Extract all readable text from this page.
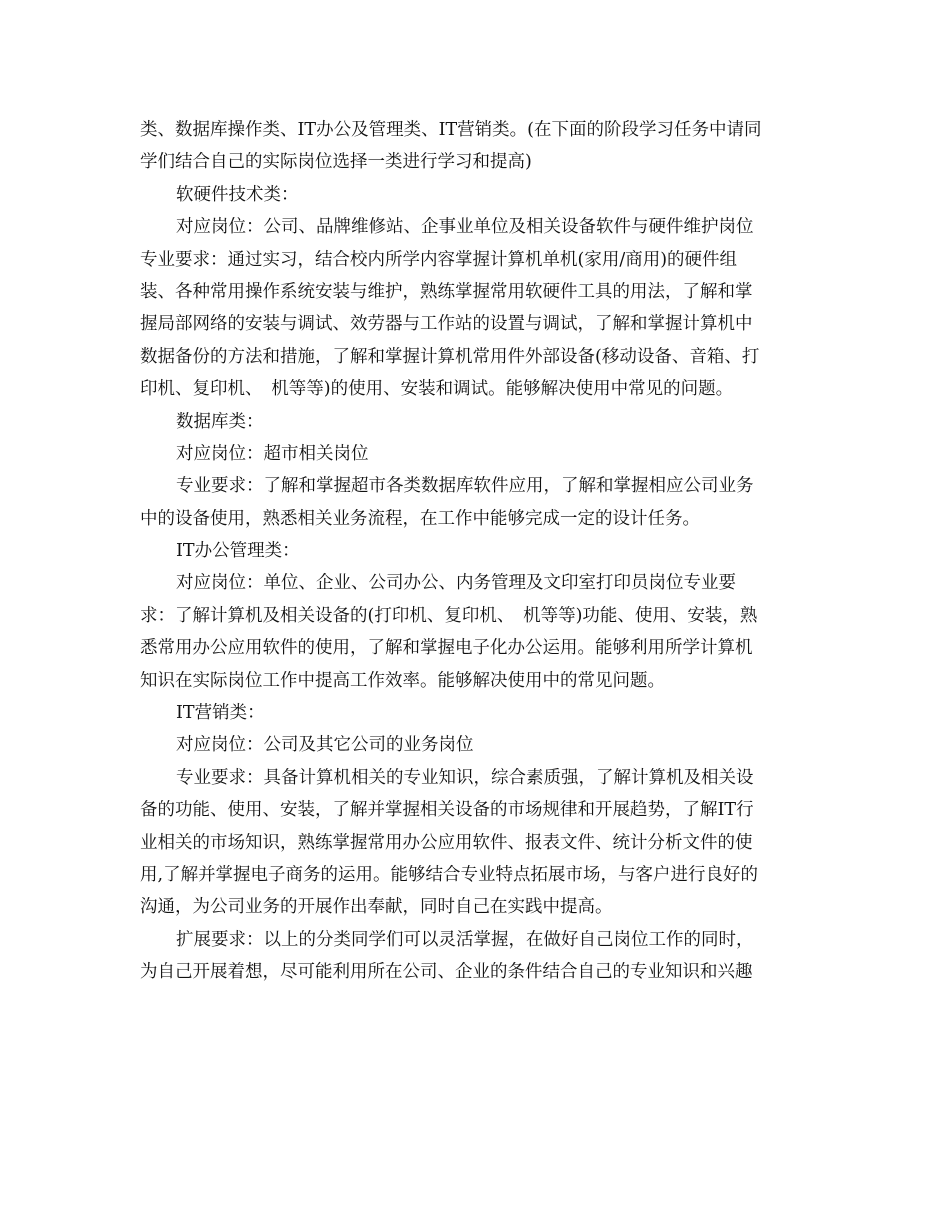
类、数据库操作类、IT办公及管理类、IT营销类。(在下面的阶段学习任务中请同
学们结合自己的实际岗位选择一类进行学习和提高)
软硬件技术类：
对应岗位：公司、品牌维修站、企事业单位及相关设备软件与硬件维护岗位
专业要求：通过实习，结合校内所学内容掌握计算机单机(家用/商用)的硬件组
装、各种常用操作系统安装与维护，熟练掌握常用软硬件工具的用法，了解和掌
握局部网络的安装与调试、效劳器与工作站的设置与调试，了解和掌握计算机中
数据备份的方法和措施，了解和掌握计算机常用件外部设备(移动设备、音箱、打
印机、复印机、　机等等)的使用、安装和调试。能够解决使用中常见的问题。
数据库类：
对应岗位：超市相关岗位
专业要求：了解和掌握超市各类数据库软件应用，了解和掌握相应公司业务
中的设备使用，熟悉相关业务流程，在工作中能够完成一定的设计任务。
IT办公管理类：
对应岗位：单位、企业、公司办公、内务管理及文印室打印员岗位专业要
求：了解计算机及相关设备的(打印机、复印机、　机等等)功能、使用、安装，熟
悉常用办公应用软件的使用，了解和掌握电子化办公运用。能够利用所学计算机
知识在实际岗位工作中提高工作效率。能够解决使用中的常见问题。
IT营销类：
对应岗位：公司及其它公司的业务岗位
专业要求：具备计算机相关的专业知识，综合素质强，了解计算机及相关设
备的功能、使用、安装，了解并掌握相关设备的市场规律和开展趋势，了解IT行
业相关的市场知识，熟练掌握常用办公应用软件、报表文件、统计分析文件的使
用,了解并掌握电子商务的运用。能够结合专业特点拓展市场，与客户进行良好的
沟通，为公司业务的开展作出奉献，同时自己在实践中提高。
扩展要求：以上的分类同学们可以灵活掌握，在做好自己岗位工作的同时，
为自己开展着想，尽可能利用所在公司、企业的条件结合自己的专业知识和兴趣
